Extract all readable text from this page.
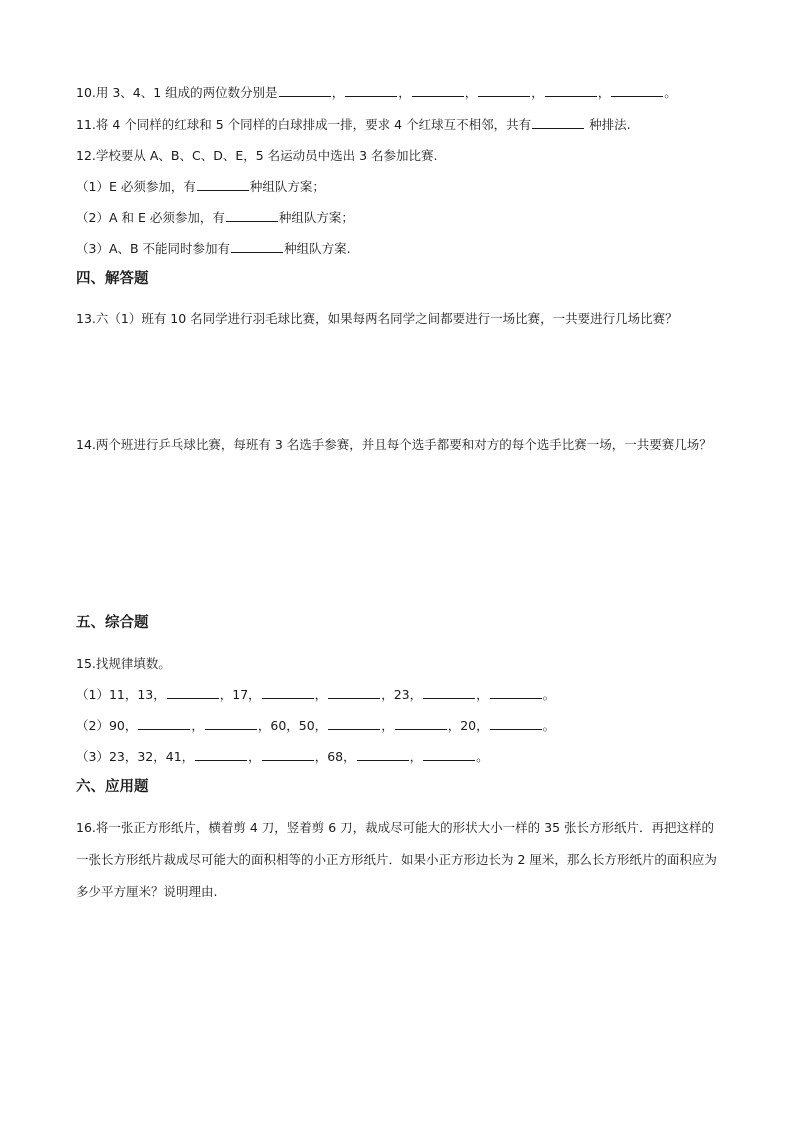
10.用 3、4、1 组成的两位数分别是	，	，	，	，	，	。
11.将 4 个同样的红球和 5 个同样的白球排成一排，要求 4 个红球互不相邻，共有	种排法.
12.学校要从 A、B、C、D、E，5 名运动员中选出 3 名参加比赛.
（1）E 必须参加，有	种组队方案；
（2）A 和 E 必须参加，有	种组队方案；
（3）A、B 不能同时参加有	种组队方案.
四、解答题
13.六（1）班有 10 名同学进行羽毛球比赛，如果每两名同学之间都要进行一场比赛，一共要进行几场比赛？
14.两个班进行乒乓球比赛，每班有 3 名选手参赛，并且每个选手都要和对方的每个选手比赛一场，一共要赛几场？
五、综合题
15.找规律填数。
（1）11，13，	，17，	，	，23，	，	。
（2）90，	，	，60，50，	，	，20，	。
（3）23，32，41，	，	，68，	，	。
六、应用题
16.将一张正方形纸片，横着剪 4 刀，竖着剪 6 刀，裁成尽可能大的形状大小一样的 35 张长方形纸片．再把这样的一张长方形纸片裁成尽可能大的面积相等的小正方形纸片．如果小正方形边长为 2 厘米，那么长方形纸片的面积应为多少平方厘米？说明理由.
